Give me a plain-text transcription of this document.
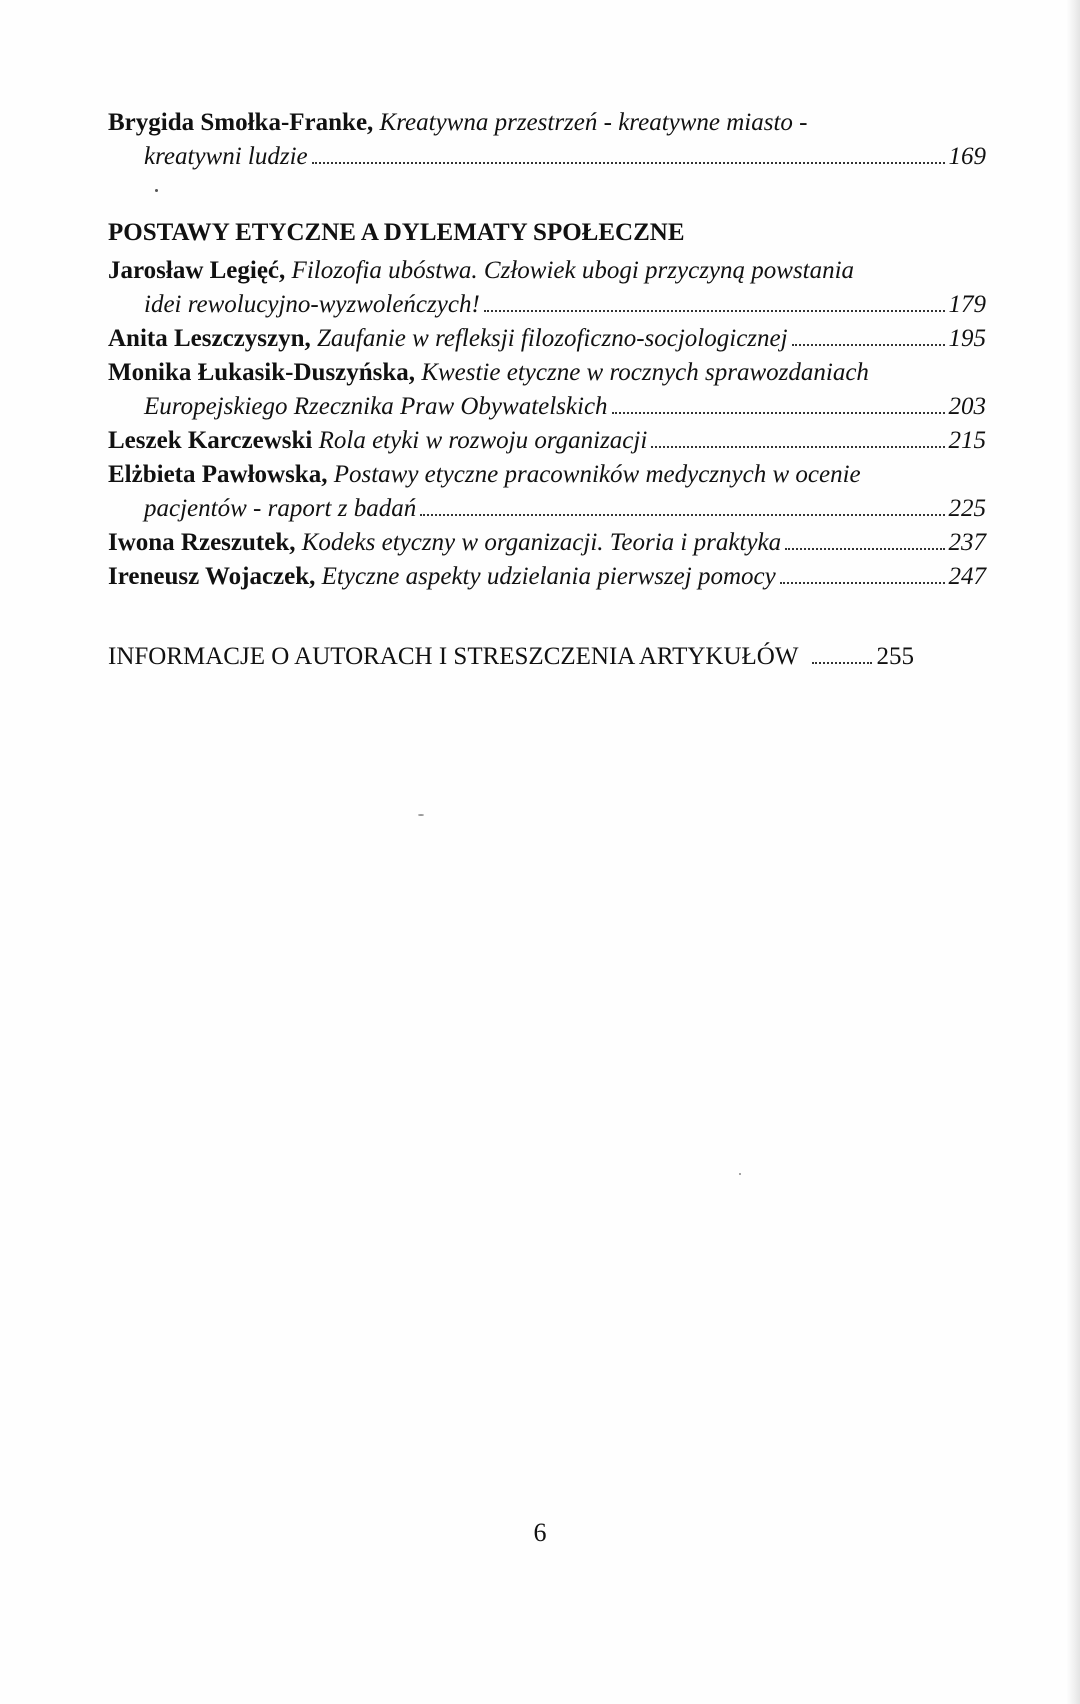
Brygida Smołka-Franke, Kreatywna przestrzeń - kreatywne miasto -
kreatywni ludzie	169
POSTAWY ETYCZNE A DYLEMATY SPOŁECZNE
Jarosław Legięć, Filozofia ubóstwa. Człowiek ubogi przyczyną powstania
idei rewolucyjno-wyzwoleńczych!	179
Anita Leszczyszyn,
Zaufanie w refleksji filozoficzno-socjologicznej	195
Monika Łukasik-Duszyńska, Kwestie etyczne w rocznych sprawozdaniach
Europejskiego Rzecznika Praw Obywatelskich	203
Leszek Karczewski
Rola etyki w rozwoju organizacji	215
Elżbieta Pawłowska, Postawy etyczne pracowników medycznych w ocenie
pacjentów - raport z badań	225
Iwona Rzeszutek,
Kodeks etyczny w organizacji. Teoria i praktyka	237
Ireneusz Wojaczek,
Etyczne aspekty udzielania pierwszej pomocy	247
INFORMACJE O AUTORACH I STRESZCZENIA ARTYKUŁÓW	255
6
